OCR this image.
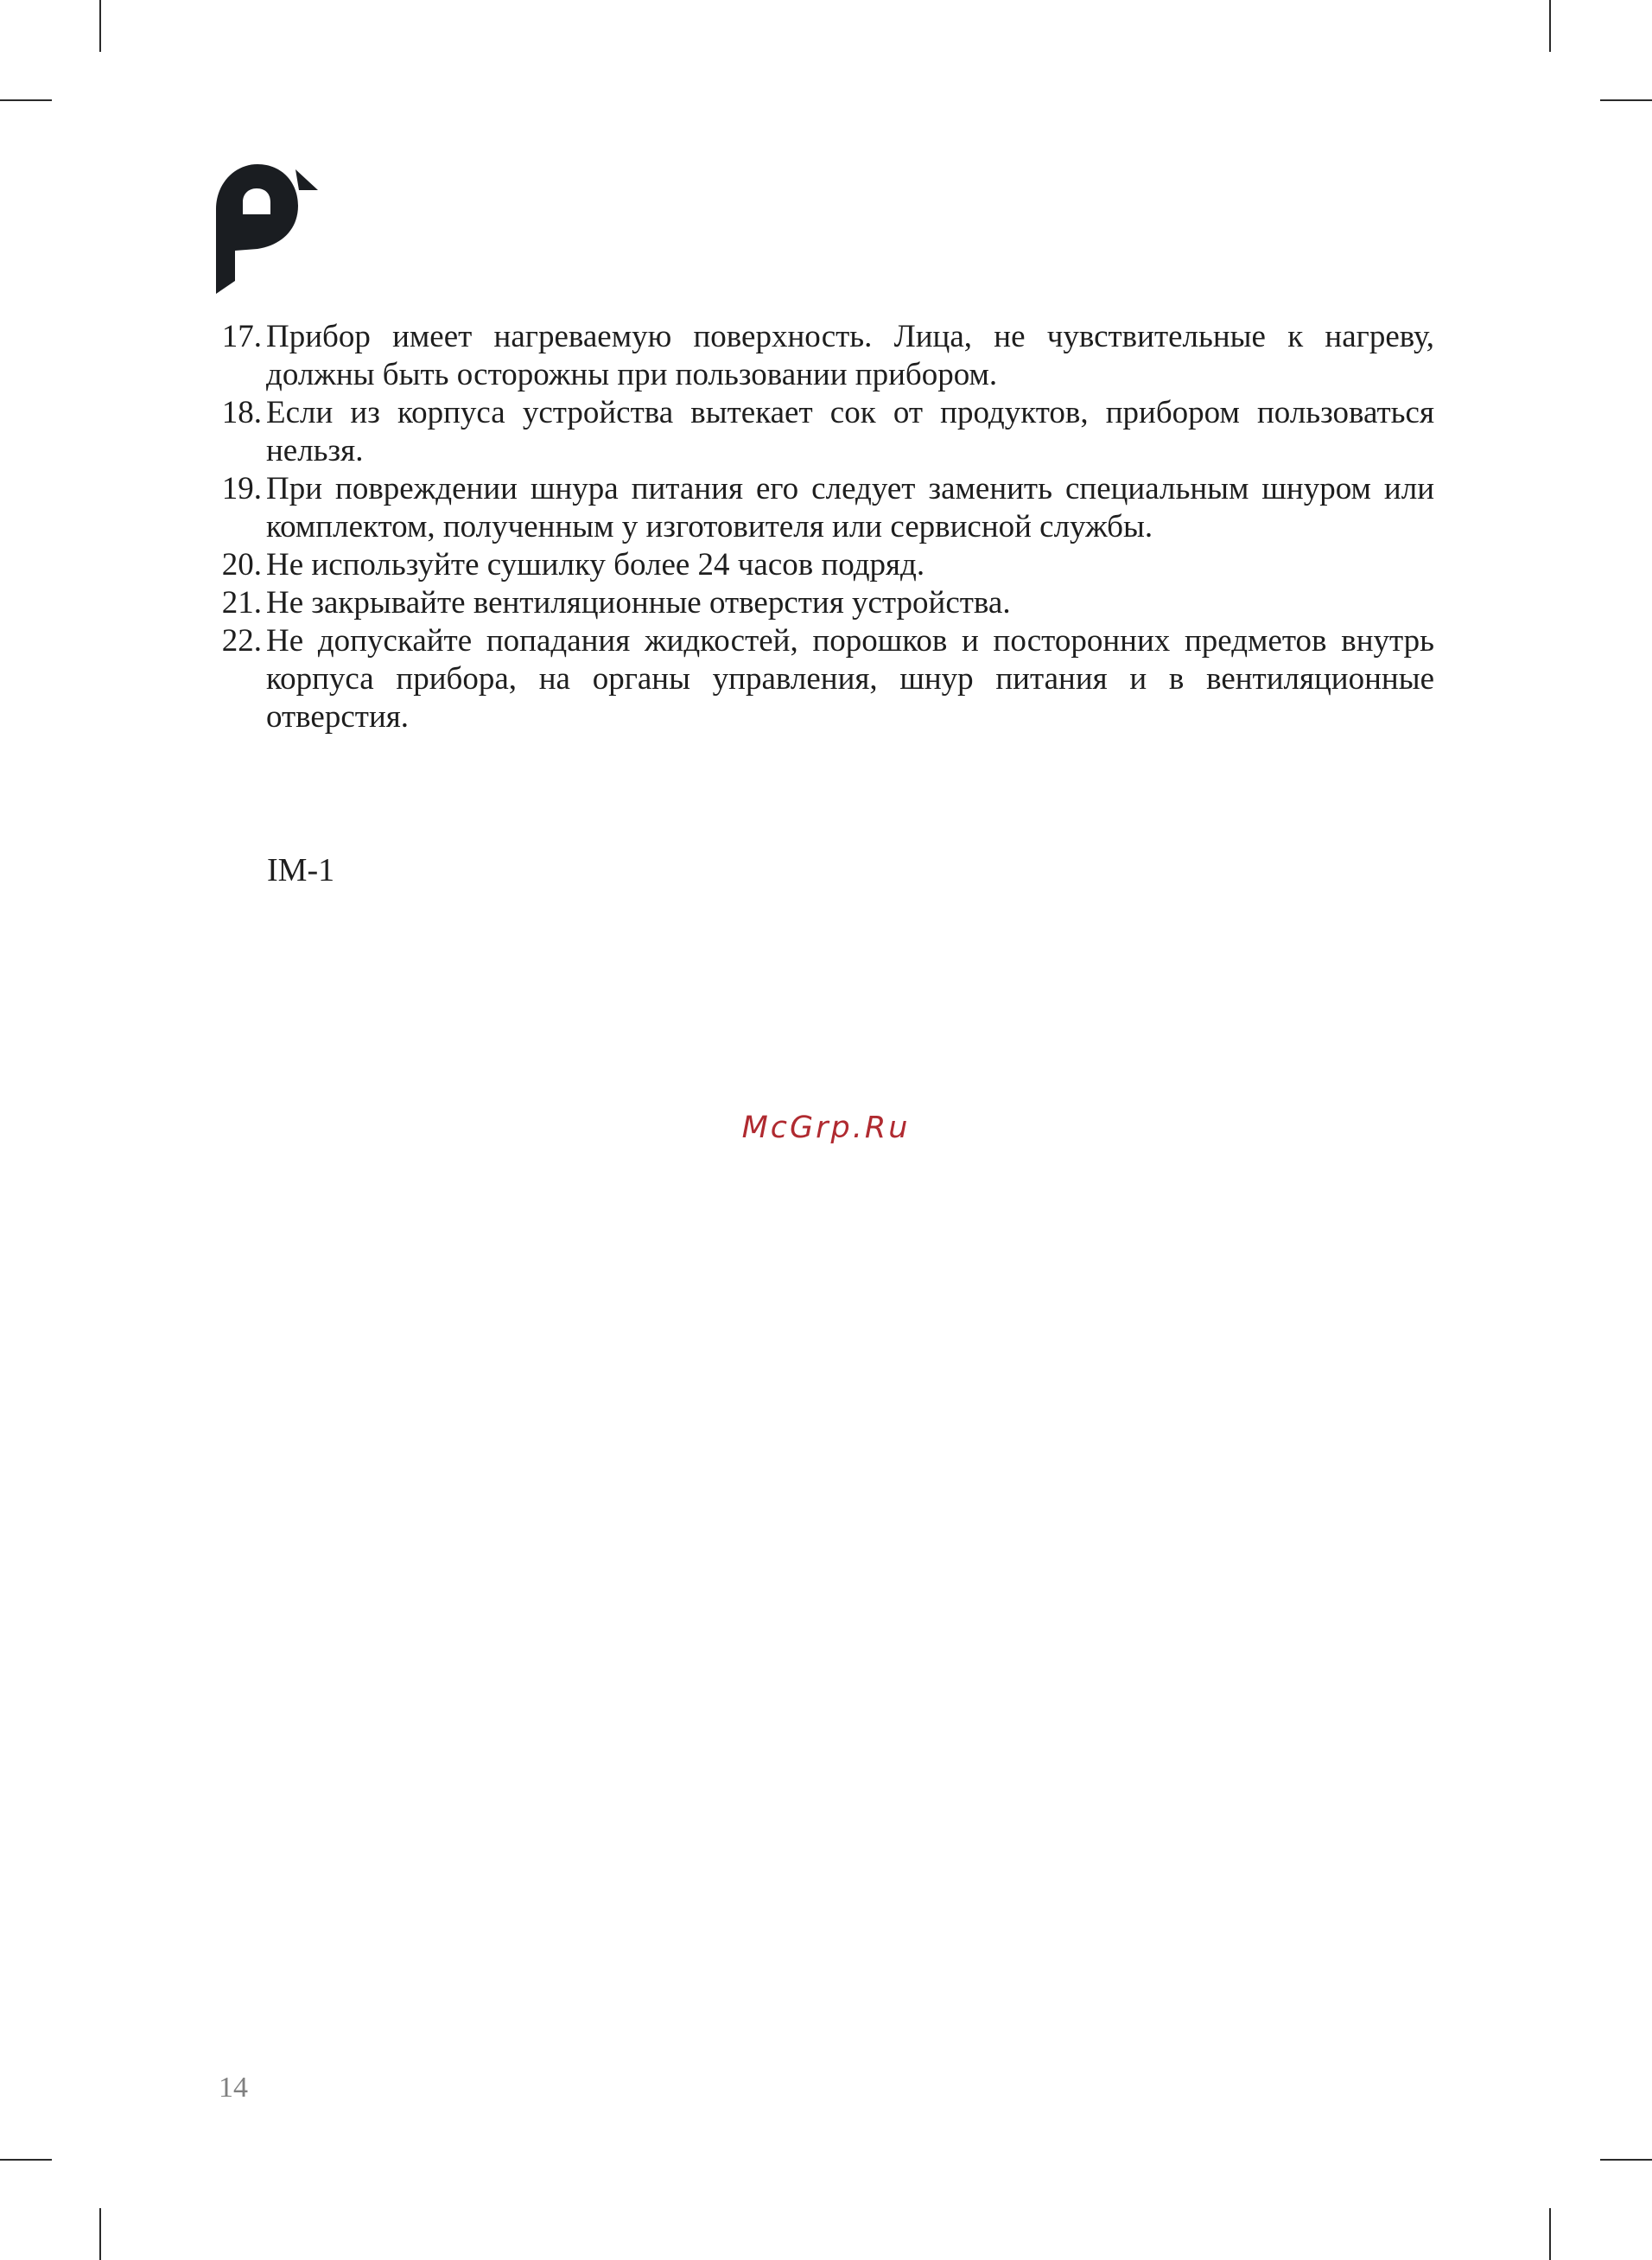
17. Прибор имеет нагреваемую поверхность. Лица, не чувствительные к нагреву, должны быть осторожны при пользовании прибором.
18. Если из корпуса устройства вытекает сок от продуктов, прибором пользоваться нельзя.
19. При повреждении шнура питания его следует заменить специальным шнуром или комплектом, полученным у изготовителя или сервисной службы.
20. Не используйте сушилку более 24 часов подряд.
21. Не закрывайте вентиляционные отверстия устройства.
22. Не допускайте попадания жидкостей, порошков и посторонних предметов внутрь корпуса прибора, на органы управления, шнур питания и в вентиляционные отверстия.
IM-1
McGrp.Ru
14
